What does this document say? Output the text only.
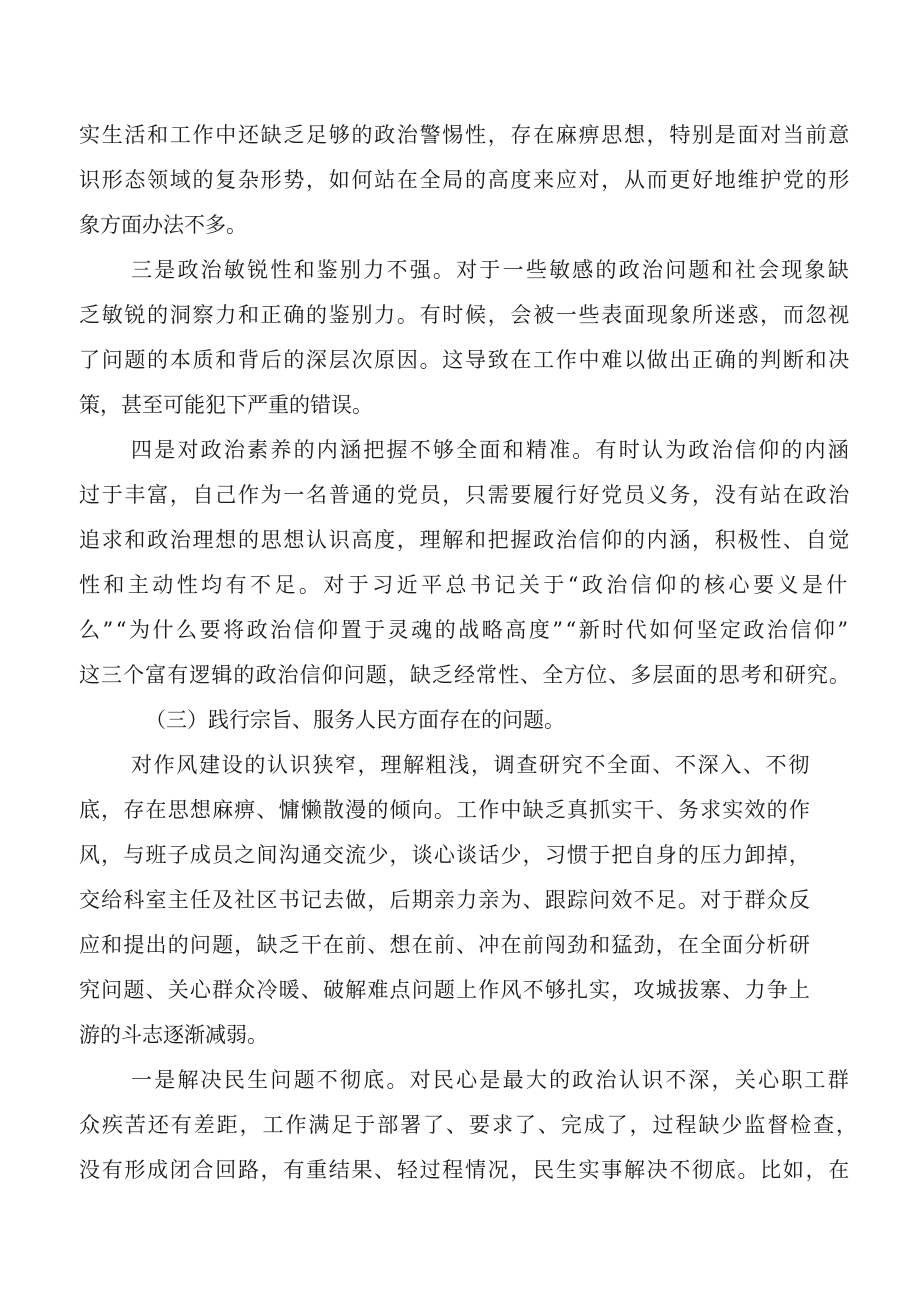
实生活和工作中还缺乏足够的政治警惕性，存在麻痹思想，特别是面对当前意
识形态领域的复杂形势，如何站在全局的高度来应对，从而更好地维护党的形
象方面办法不多。
三是政治敏锐性和鉴别力不强。对于一些敏感的政治问题和社会现象缺
乏敏锐的洞察力和正确的鉴别力。有时候，会被一些表面现象所迷惑，而忽视
了问题的本质和背后的深层次原因。这导致在工作中难以做出正确的判断和决
策，甚至可能犯下严重的错误。
四是对政治素养的内涵把握不够全面和精准。有时认为政治信仰的内涵
过于丰富，自己作为一名普通的党员，只需要履行好党员义务，没有站在政治
追求和政治理想的思想认识高度，理解和把握政治信仰的内涵，积极性、自觉
性和主动性均有不足。对于习近平总书记关于“政治信仰的核心要义是什
么”“为什么要将政治信仰置于灵魂的战略高度”“新时代如何坚定政治信仰”
这三个富有逻辑的政治信仰问题，缺乏经常性、全方位、多层面的思考和研究。
（三）践行宗旨、服务人民方面存在的问题。
对作风建设的认识狭窄，理解粗浅，调查研究不全面、不深入、不彻
底，存在思想麻痹、慵懒散漫的倾向。工作中缺乏真抓实干、务求实效的作
风，与班子成员之间沟通交流少，谈心谈话少，习惯于把自身的压力卸掉，
交给科室主任及社区书记去做，后期亲力亲为、跟踪问效不足。对于群众反
应和提出的问题，缺乏干在前、想在前、冲在前闯劲和猛劲，在全面分析研
究问题、关心群众冷暖、破解难点问题上作风不够扎实，攻城拔寨、力争上
游的斗志逐渐减弱。
一是解决民生问题不彻底。对民心是最大的政治认识不深，关心职工群
众疾苦还有差距，工作满足于部署了、要求了、完成了，过程缺少监督检查，
没有形成闭合回路，有重结果、轻过程情况，民生实事解决不彻底。比如，在
